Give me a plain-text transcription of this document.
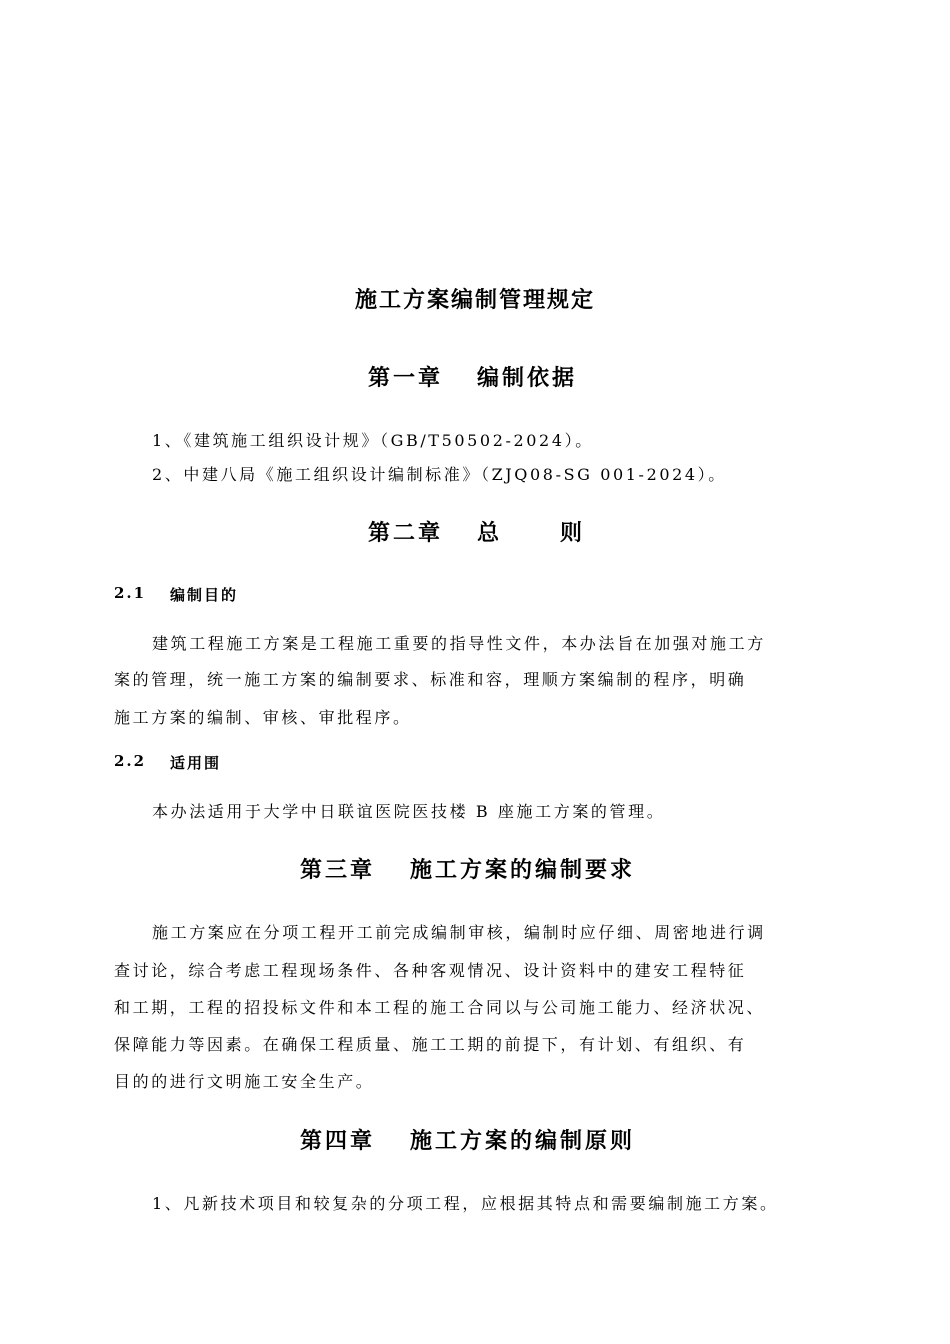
施工方案编制管理规定
第一章 编制依据
1、《建筑施工组织设计规》（GB/T50502-2024）。
2、中建八局《施工组织设计编制标准》（ZJQ08-SG 001-2024）。
第二章 总	则
2.1 编制目的
建筑工程施工方案是工程施工重要的指导性文件，本办法旨在加强对施工方
案的管理，统一施工方案的编制要求、标准和容，理顺方案编制的程序，明确
施工方案的编制、审核、审批程序。
2.2 适用围
本办法适用于大学中日联谊医院医技楼 B 座施工方案的管理。
第三章 施工方案的编制要求
施工方案应在分项工程开工前完成编制审核，编制时应仔细、周密地进行调
查讨论，综合考虑工程现场条件、各种客观情况、设计资料中的建安工程特征
和工期，工程的招投标文件和本工程的施工合同以与公司施工能力、经济状况、
保障能力等因素。在确保工程质量、施工工期的前提下，有计划、有组织、有
目的的进行文明施工安全生产。
第四章 施工方案的编制原则
1、凡新技术项目和较复杂的分项工程，应根据其特点和需要编制施工方案。
